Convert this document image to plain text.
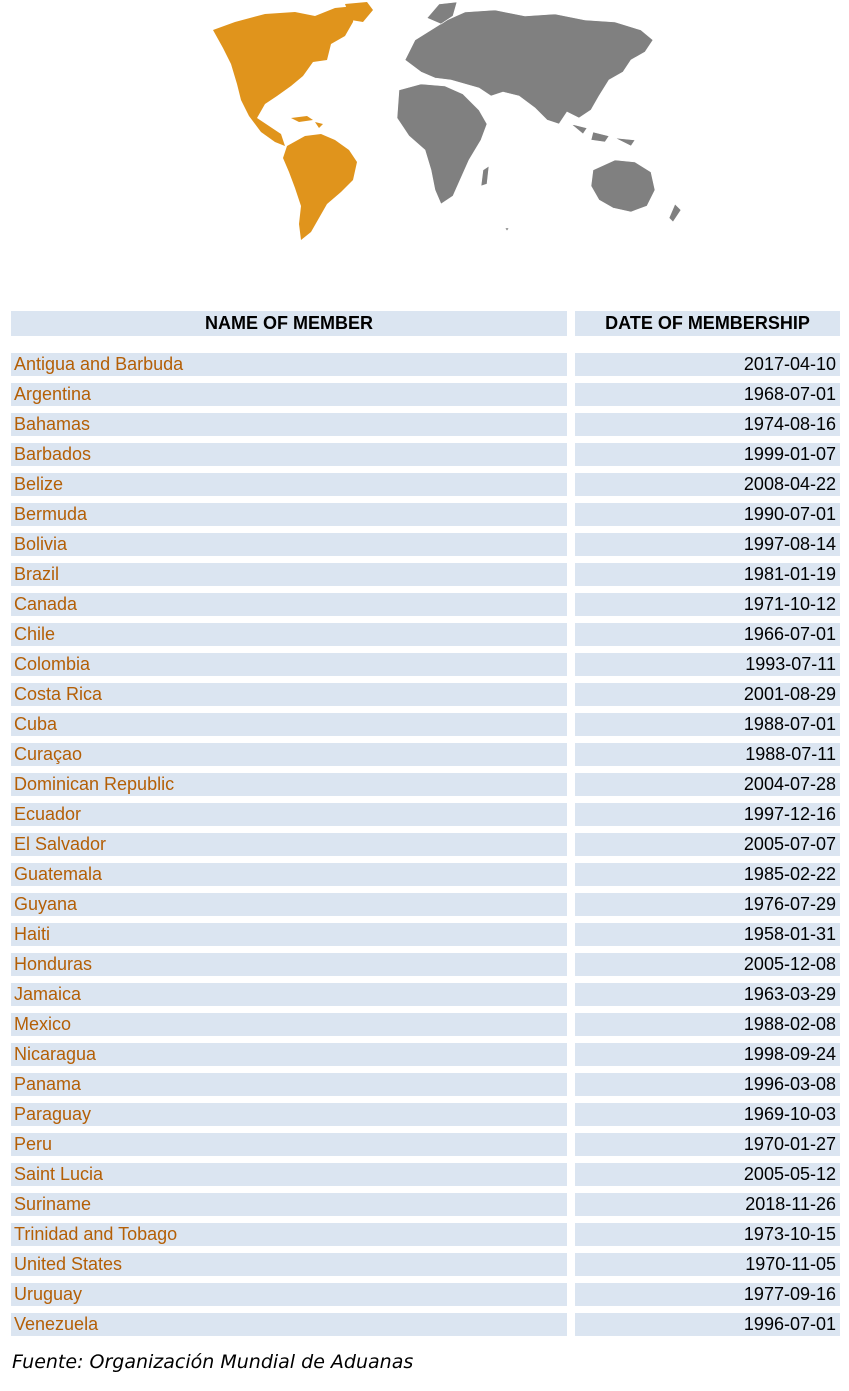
NAME OF MEMBER	DATE OF MEMBERSHIP
Antigua and Barbuda	2017-04-10
Argentina	1968-07-01
Bahamas	1974-08-16
Barbados	1999-01-07
Belize	2008-04-22
Bermuda	1990-07-01
Bolivia	1997-08-14
Brazil	1981-01-19
Canada	1971-10-12
Chile	1966-07-01
Colombia	1993-07-11
Costa Rica	2001-08-29
Cuba	1988-07-01
Curaçao	1988-07-11
Dominican Republic	2004-07-28
Ecuador	1997-12-16
El Salvador	2005-07-07
Guatemala	1985-02-22
Guyana	1976-07-29
Haiti	1958-01-31
Honduras	2005-12-08
Jamaica	1963-03-29
Mexico	1988-02-08
Nicaragua	1998-09-24
Panama	1996-03-08
Paraguay	1969-10-03
Peru	1970-01-27
Saint Lucia	2005-05-12
Suriname	2018-11-26
Trinidad and Tobago	1973-10-15
United States	1970-11-05
Uruguay	1977-09-16
Venezuela	1996-07-01
Fuente: Organización Mundial de Aduanas
